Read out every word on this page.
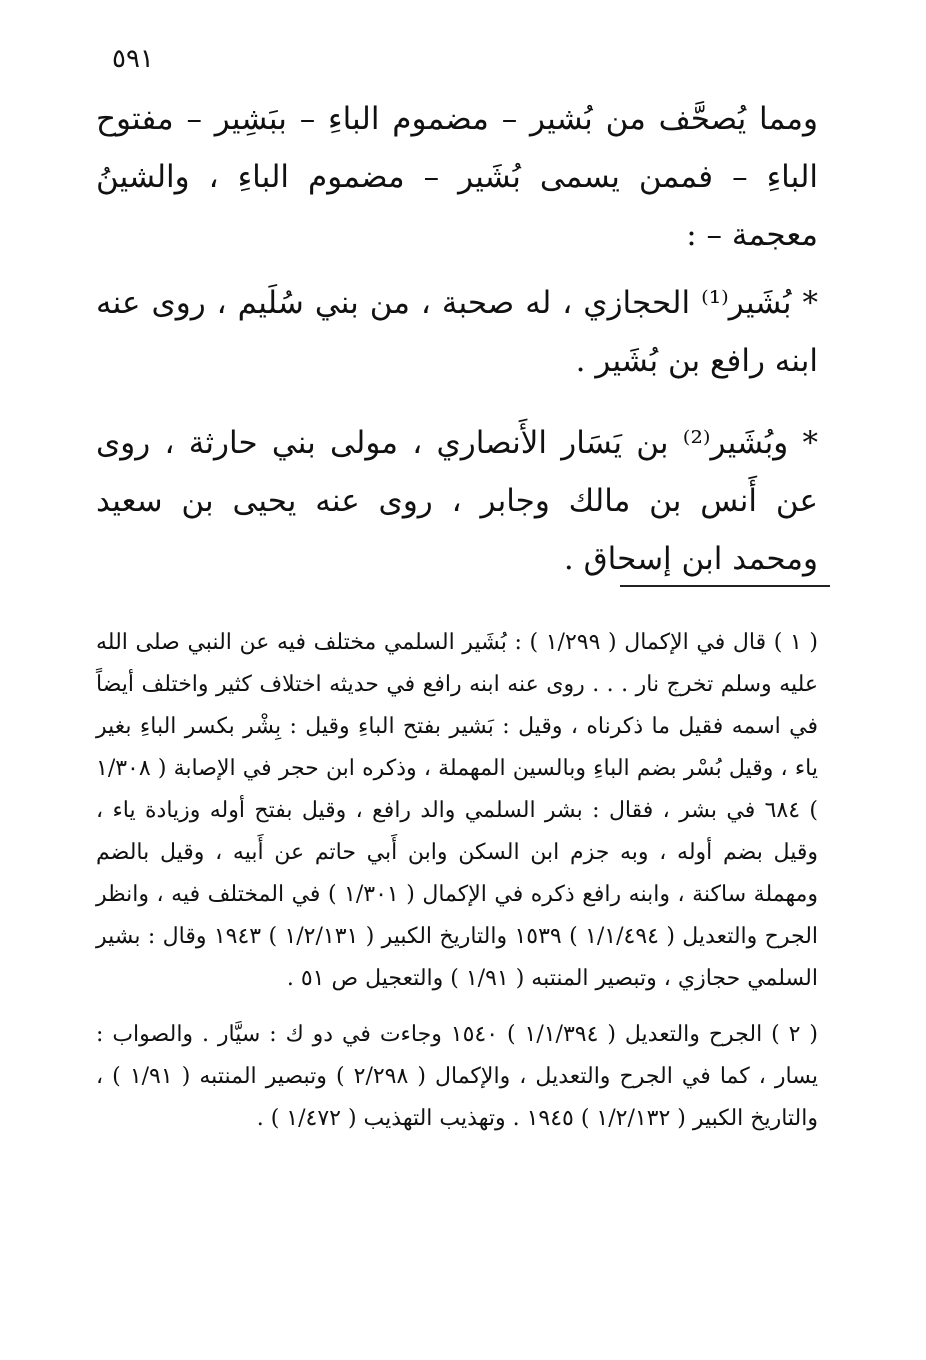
٥٩١

ومما يُصحَّف من بُشير – مضموم الباءِ – ببَشِير – مفتوح الباءِ – فممن يسمى بُشَير – مضموم الباءِ ، والشينُ معجمة – :

* بُشَير⁽¹⁾ الحجازي ، له صحبة ، من بني سُلَيم ، روى عنه ابنه رافع بن بُشَير .

* وبُشَير⁽²⁾ بن يَسَار الأَنصاري ، مولى بني حارثة ، روى عن أَنس بن مالك وجابر ، روى عنه يحيى بن سعيد ومحمد ابن إسحاق .

( ١ ) قال في الإكمال ( ١/٢٩٩ ) : بُشَير السلمي مختلف فيه عن النبي صلى الله عليه وسلم تخرج نار . . . روى عنه ابنه رافع في حديثه اختلاف كثير واختلف أيضاً في اسمه فقيل ما ذكرناه ، وقيل : بَشير بفتح الباءِ وقيل : بِشْر بكسر الباءِ بغير ياء ، وقيل بُسْر بضم الباءِ وبالسين المهملة ، وذكره ابن حجر في الإصابة ( ١/٣٠٨ ) ٦٨٤ في بشر ، فقال : بشر السلمي والد رافع ، وقيل بفتح أوله وزيادة ياء ، وقيل بضم أوله ، وبه جزم ابن السكن وابن أَبي حاتم عن أَبيه ، وقيل بالضم ومهملة ساكنة ، وابنه رافع ذكره في الإكمال ( ١/٣٠١ ) في المختلف فيه ، وانظر الجرح والتعديل ( ١/١/٤٩٤ ) ١٥٣٩ والتاريخ الكبير ( ١/٢/١٣١ ) ١٩٤٣ وقال : بشير السلمي حجازي ، وتبصير المنتبه ( ١/٩١ ) والتعجيل ص ٥١ .

( ٢ ) الجرح والتعديل ( ١/١/٣٩٤ ) ١٥٤٠ وجاءت في دو ك : سيَّار . والصواب : يسار ، كما في الجرح والتعديل ، والإكمال ( ٢/٢٩٨ ) وتبصير المنتبه ( ١/٩١ ) ، والتاريخ الكبير ( ١/٢/١٣٢ ) ١٩٤٥ . وتهذيب التهذيب ( ١/٤٧٢ ) .
